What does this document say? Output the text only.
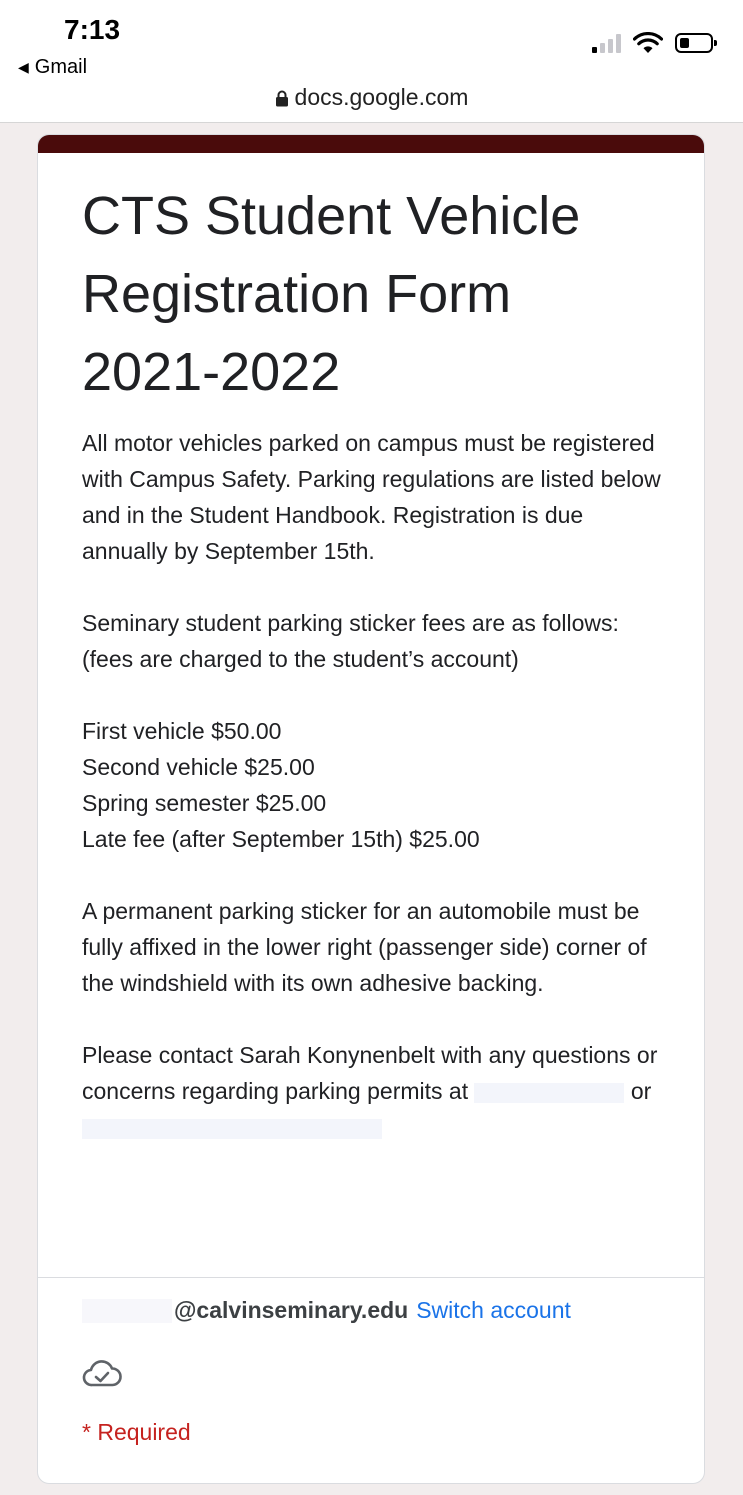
7:13
◀ Gmail
docs.google.com
CTS Student Vehicle Registration Form 2021-2022

All motor vehicles parked on campus must be registered with Campus Safety. Parking regulations are listed below and in the Student Handbook. Registration is due annually by September 15th.

Seminary student parking sticker fees are as follows: (fees are charged to the student’s account)

First vehicle $50.00
Second vehicle $25.00
Spring semester $25.00
Late fee (after September 15th) $25.00

A permanent parking sticker for an automobile must be fully affixed in the lower right (passenger side) corner of the windshield with its own adhesive backing.

Please contact Sarah Konynenbelt with any questions or concerns regarding parking permits at	or

@calvinseminary.edu Switch account
* Required
